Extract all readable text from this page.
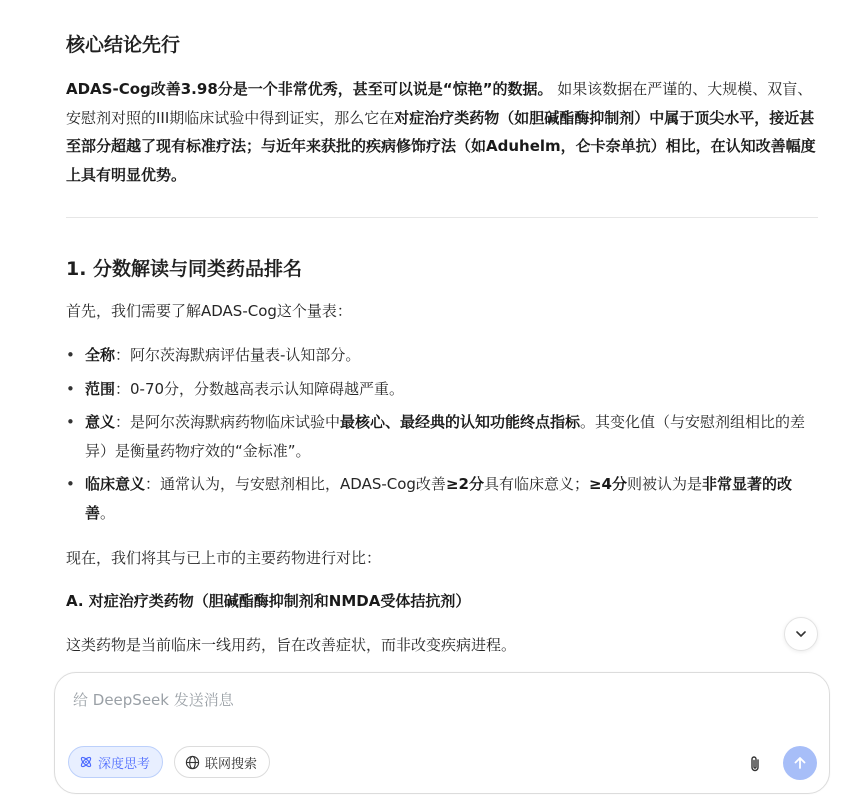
核心结论先行
ADAS-Cog改善3.98分是一个非常优秀，甚至可以说是“惊艳”的数据。 如果该数据在严谨的、大规模、双盲、安慰剂对照的III期临床试验中得到证实，那么它在对症治疗类药物（如胆碱酯酶抑制剂）中属于顶尖水平，接近甚至部分超越了现有标准疗法；与近年来获批的疾病修饰疗法（如Aduhelm，仑卡奈单抗）相比，在认知改善幅度上具有明显优势。
1. 分数解读与同类药品排名
首先，我们需要了解ADAS-Cog这个量表：
• 全称：阿尔茨海默病评估量表-认知部分。
• 范围：0-70分，分数越高表示认知障碍越严重。
• 意义：是阿尔茨海默病药物临床试验中最核心、最经典的认知功能终点指标。其变化值（与安慰剂组相比的差异）是衡量药物疗效的“金标准”。
• 临床意义：通常认为，与安慰剂相比，ADAS-Cog改善≥2分具有临床意义；≥4分则被认为是非常显著的改善。
现在，我们将其与已上市的主要药物进行对比：
A. 对症治疗类药物（胆碱酯酶抑制剂和NMDA受体拮抗剂）
这类药物是当前临床一线用药，旨在改善症状，而非改变疾病进程。
给 DeepSeek 发送消息
深度思考	联网搜索
